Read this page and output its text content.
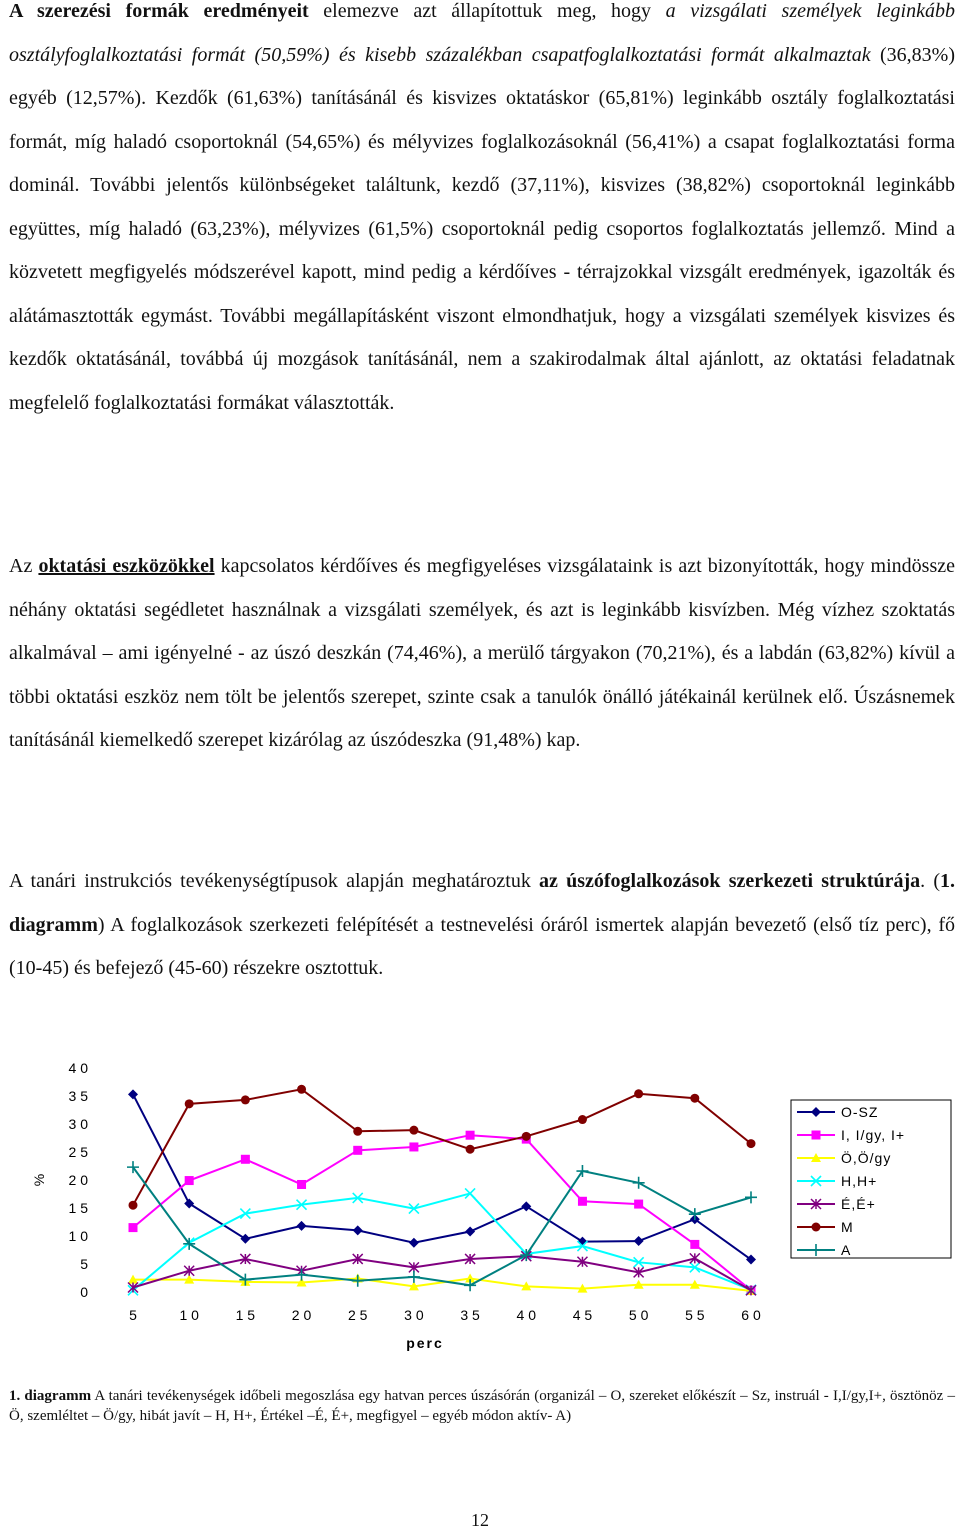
A szerezési formák eredményeit elemezve azt állapítottuk meg, hogy a vizsgálati személyek leginkább osztályfoglalkoztatási formát (50,59%) és kisebb százalékban csapatfoglalkoztatási formát alkalmaztak (36,83%) egyéb (12,57%). Kezdők (61,63%) tanításánál és kisvizes oktatáskor (65,81%) leginkább osztály foglalkoztatási formát, míg haladó csoportoknál (54,65%) és mélyvizes foglalkozásoknál (56,41%) a csapat foglalkoztatási forma dominál. További jelentős különbségeket találtunk, kezdő (37,11%), kisvizes (38,82%) csoportoknál leginkább együttes, míg haladó (63,23%), mélyvizes (61,5%) csoportoknál pedig csoportos foglalkoztatás jellemző. Mind a közvetett megfigyelés módszerével kapott, mind pedig a kérdőíves - térrajzokkal vizsgált eredmények, igazolták és alátámasztották egymást. További megállapításként viszont elmondhatjuk, hogy a vizsgálati személyek kisvizes és kezdők oktatásánál, továbbá új mozgások tanításánál, nem a szakirodalmak által ajánlott, az oktatási feladatnak megfelelő foglalkoztatási formákat választották.

Az oktatási eszközökkel kapcsolatos kérdőíves és megfigyeléses vizsgálataink is azt bizonyították, hogy mindössze néhány oktatási segédletet használnak a vizsgálati személyek, és azt is leginkább kisvízben. Még vízhez szoktatás alkalmával – ami igényelné - az úszó deszkán (74,46%), a merülő tárgyakon (70,21%), és a labdán (63,82%) kívül a többi oktatási eszköz nem tölt be jelentős szerepet, szinte csak a tanulók önálló játékainál kerülnek elő. Úszásnemek tanításánál kiemelkedő szerepet kizárólag az úszódeszka (91,48%) kap.

A tanári instrukciós tevékenységtípusok alapján meghatároztuk az úszófoglalkozások szerkezeti struktúrája. (1. diagramm) A foglalkozások szerkezeti felépítését a testnevelési óráról ismertek alapján bevezető (első tíz perc), fő (10-45) és befejező (45-60) részekre osztottuk.

0
5
1 0
1 5
2 0
2 5
3 0
3 5
4 0
5	1 0	1 5	2 0	2 5	3 0	3 5	4 0	4 5	5 0	5 5	6 0
%
perc
O-SZ
I, I/gy, I+
Ö,Ö/gy
H,H+
É,É+
M
A

1. diagramm A tanári tevékenységek időbeli megoszlása egy hatvan perces úszásórán (organizál – O, szereket előkészít – Sz, instruál - I,I/gy,I+, ösztönöz – Ö, szemléltet – Ö/gy, hibát javít – H, H+, Értékel –É, É+, megfigyel – egyéb módon aktív- A)

12
